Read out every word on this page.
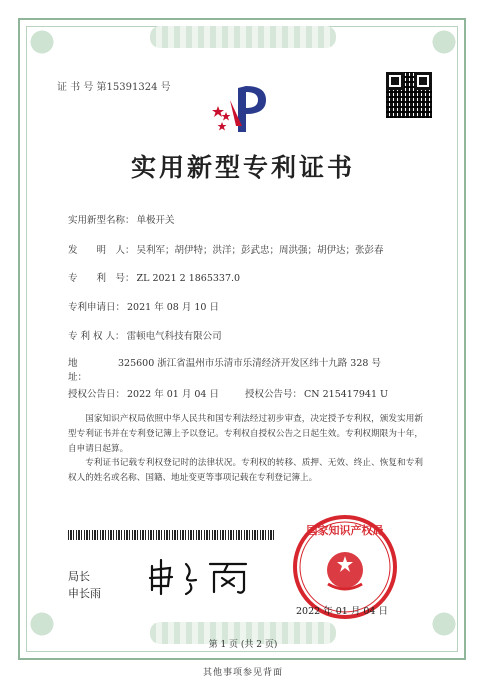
证 书 号 第15391324 号
实用新型专利证书
实用新型名称： 单极开关
发　　明　人： 吴利军；胡伊特；洪洋；彭武忠；周洪强；胡伊达；张彭春
专　　利　号： ZL 2021 2 1865337.0
专利申请日： 2021 年 08 月 10 日
专 利 权 人： 雷顿电气科技有限公司
地　　　址：
325600 浙江省温州市乐清市乐清经济开发区纬十九路 328 号
授权公告日： 2022 年 01 月 04 日	授权公告号： CN 215417941 U
国家知识产权局依照中华人民共和国专利法经过初步审查，决定授予专利权，颁发实用新型专利证书并在专利登记簿上予以登记。专利权自授权公告之日起生效。专利权期限为十年，自申请日起算。
专利证书记载专利权登记时的法律状况。专利权的转移、质押、无效、终止、恢复和专利权人的姓名或名称、国籍、地址变更等事项记载在专利登记簿上。
局长
申长雨
国家知识产权局
2022 年 01 月 04 日
第 1 页 (共 2 页)
其他事项参见背面
